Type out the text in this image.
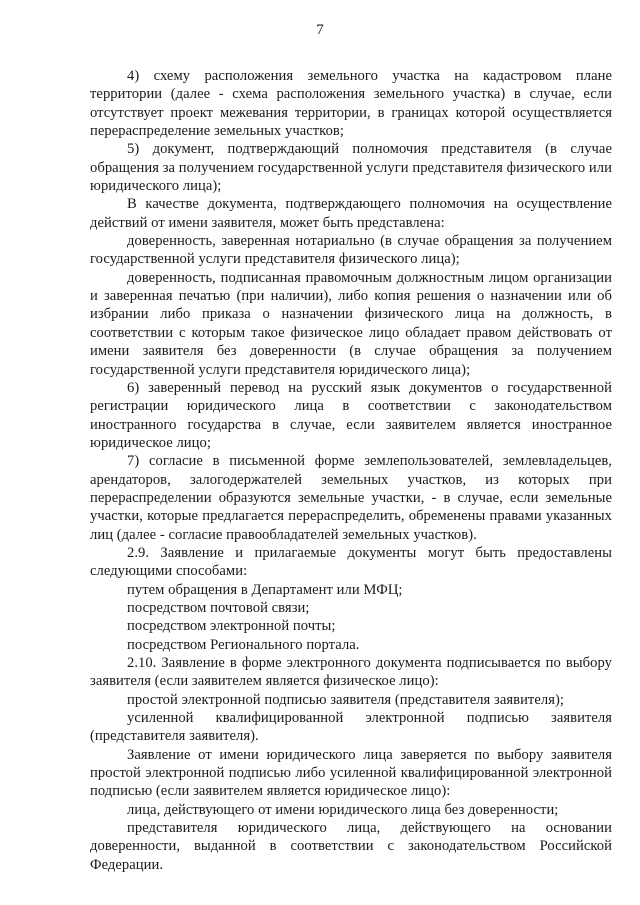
7

4) схему расположения земельного участка на кадастровом плане территории (далее - схема расположения земельного участка) в случае, если отсутствует проект межевания территории, в границах которой осуществляется перераспределение земельных участков;

5) документ, подтверждающий полномочия представителя (в случае обращения за получением государственной услуги представителя физического или юридического лица);

В качестве документа, подтверждающего полномочия на осуществление действий от имени заявителя, может быть представлена:

доверенность, заверенная нотариально (в случае обращения за получением государственной услуги представителя физического лица);

доверенность, подписанная правомочным должностным лицом организации и заверенная печатью (при наличии), либо копия решения о назначении или об избрании либо приказа о назначении физического лица на должность, в соответствии с которым такое физическое лицо обладает правом действовать от имени заявителя без доверенности (в случае обращения за получением государственной услуги представителя юридического лица);

6) заверенный перевод на русский язык документов о государственной регистрации юридического лица в соответствии с законодательством иностранного государства в случае, если заявителем является иностранное юридическое лицо;

7) согласие в письменной форме землепользователей, землевладельцев, арендаторов, залогодержателей земельных участков, из которых при перераспределении образуются земельные участки, - в случае, если земельные участки, которые предлагается перераспределить, обременены правами указанных лиц (далее - согласие правообладателей земельных участков).

2.9. Заявление и прилагаемые документы могут быть предоставлены следующими способами:

путем обращения в Департамент или МФЦ;

посредством почтовой связи;

посредством электронной почты;

посредством Регионального портала.

2.10. Заявление в форме электронного документа подписывается по выбору заявителя (если заявителем является физическое лицо):

простой электронной подписью заявителя (представителя заявителя);

усиленной квалифицированной электронной подписью заявителя (представителя заявителя).

Заявление от имени юридического лица заверяется по выбору заявителя простой электронной подписью либо усиленной квалифицированной электронной подписью (если заявителем является юридическое лицо):

лица, действующего от имени юридического лица без доверенности;

представителя юридического лица, действующего на основании доверенности, выданной в соответствии с законодательством Российской Федерации.
